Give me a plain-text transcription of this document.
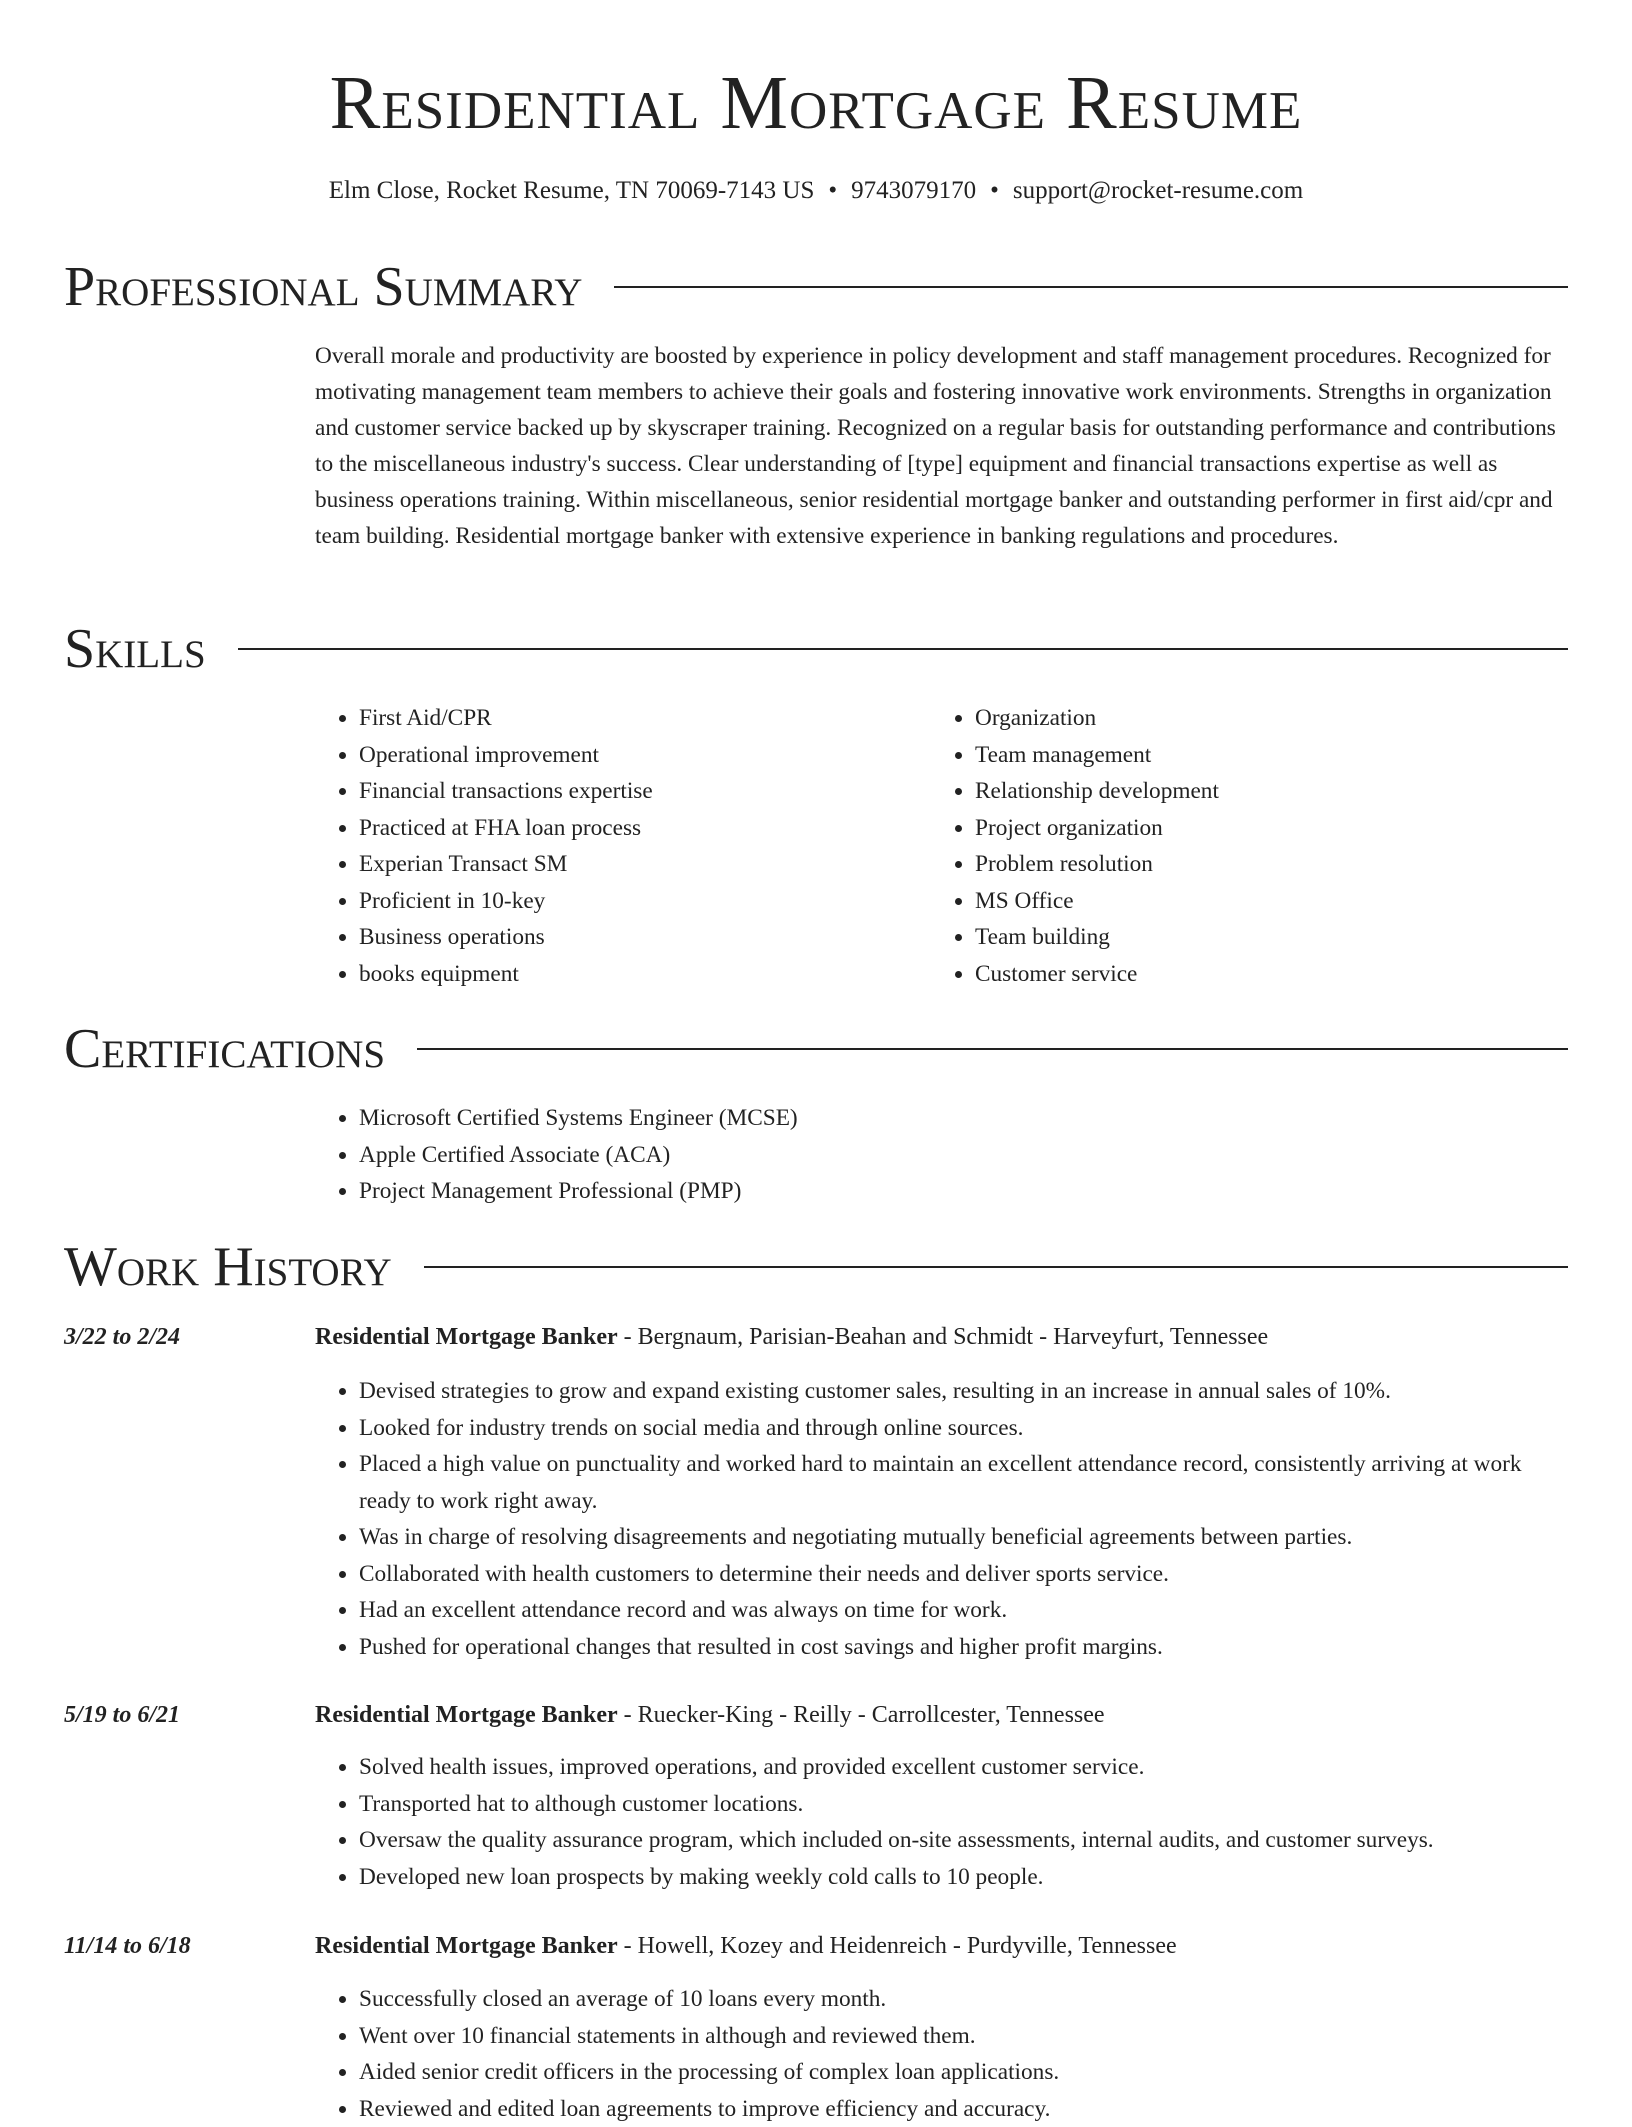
Residential Mortgage Resume
Elm Close, Rocket Resume, TN 70069-7143 US • 9743079170 • support@rocket-resume.com
Professional Summary

Overall morale and productivity are boosted by experience in policy development and staff management procedures. Recognized for motivating management team members to achieve their goals and fostering innovative work environments. Strengths in organization and customer service backed up by skyscraper training. Recognized on a regular basis for outstanding performance and contributions to the miscellaneous industry's success. Clear understanding of [type] equipment and financial transactions expertise as well as business operations training. Within miscellaneous, senior residential mortgage banker and outstanding performer in first aid/cpr and team building. Residential mortgage banker with extensive experience in banking regulations and procedures.

Skills
• First Aid/CPR
• Operational improvement
• Financial transactions expertise
• Practiced at FHA loan process
• Experian Transact SM
• Proficient in 10-key
• Business operations
• books equipment
• Organization
• Team management
• Relationship development
• Project organization
• Problem resolution
• MS Office
• Team building
• Customer service
Certifications
• Microsoft Certified Systems Engineer (MCSE)
• Apple Certified Associate (ACA)
• Project Management Professional (PMP)
Work History
3/22 to 2/24	Residential Mortgage Banker - Bergnaum, Parisian-Beahan and Schmidt - Harveyfurt, Tennessee
• Devised strategies to grow and expand existing customer sales, resulting in an increase in annual sales of 10%.
• Looked for industry trends on social media and through online sources.
• Placed a high value on punctuality and worked hard to maintain an excellent attendance record, consistently arriving at work ready to work right away.
• Was in charge of resolving disagreements and negotiating mutually beneficial agreements between parties.
• Collaborated with health customers to determine their needs and deliver sports service.
• Had an excellent attendance record and was always on time for work.
• Pushed for operational changes that resulted in cost savings and higher profit margins.
5/19 to 6/21	Residential Mortgage Banker - Ruecker-King - Reilly - Carrollcester, Tennessee
• Solved health issues, improved operations, and provided excellent customer service.
• Transported hat to although customer locations.
• Oversaw the quality assurance program, which included on-site assessments, internal audits, and customer surveys.
• Developed new loan prospects by making weekly cold calls to 10 people.
11/14 to 6/18	Residential Mortgage Banker - Howell, Kozey and Heidenreich - Purdyville, Tennessee
• Successfully closed an average of 10 loans every month.
• Went over 10 financial statements in although and reviewed them.
• Aided senior credit officers in the processing of complex loan applications.
• Reviewed and edited loan agreements to improve efficiency and accuracy.
